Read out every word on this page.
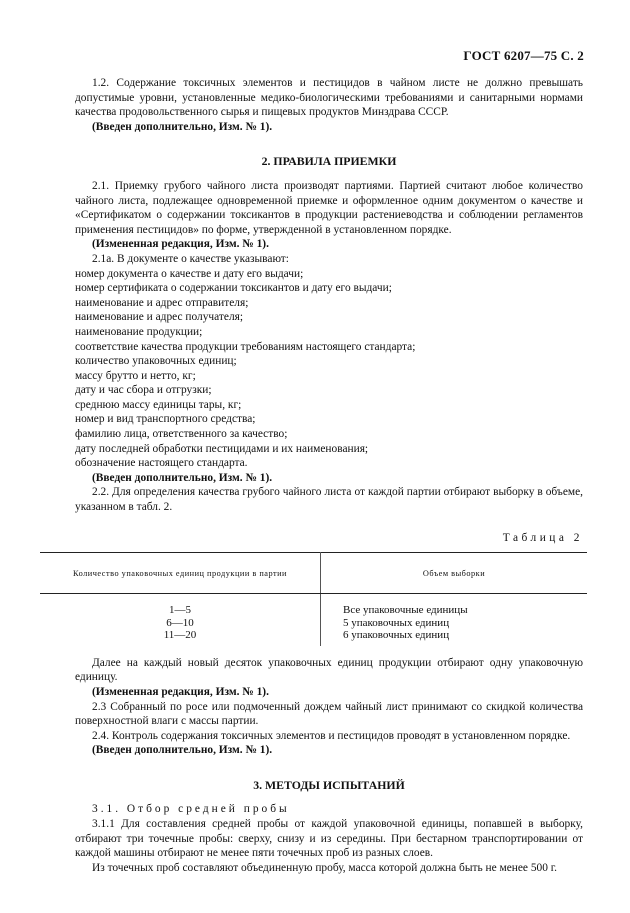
ГОСТ 6207—75 С. 2

1.2. Содержание токсичных элементов и пестицидов в чайном листе не должно превышать допустимые уровни, установленные медико-биологическими требованиями и санитарными нормами качества продовольственного сырья и пищевых продуктов Минздрава СССР.

(Введен дополнительно, Изм. № 1).

2. ПРАВИЛА ПРИЕМКИ

2.1. Приемку грубого чайного листа производят партиями. Партией считают любое количество чайного листа, подлежащее одновременной приемке и оформленное одним документом о качестве и «Сертификатом о содержании токсикантов в продукции растениеводства и соблюдении регламентов применения пестицидов» по форме, утвержденной в установленном порядке.

(Измененная редакция, Изм. № 1).

2.1а. В документе о качестве указывают:

номер документа о качестве и дату его выдачи;

номер сертификата о содержании токсикантов и дату его выдачи;

наименование и адрес отправителя;

наименование и адрес получателя;

наименование продукции;

соответствие качества продукции требованиям настоящего стандарта;

количество упаковочных единиц;

массу брутто и нетто, кг;

дату и час сбора и отгрузки;

среднюю массу единицы тары, кг;

номер и вид транспортного средства;

фамилию лица, ответственного за качество;

дату последней обработки пестицидами и их наименования;

обозначение настоящего стандарта.

(Введен дополнительно, Изм. № 1).

2.2. Для определения качества грубого чайного листа от каждой партии отбирают выборку в объеме, указанном в табл. 2.

Таблица 2
Количество упаковочных единиц продукции в партии	Объем выборки
1—5	Все упаковочные единицы
6—10	5 упаковочных единиц
11—20	6 упаковочных единиц

Далее на каждый новый десяток упаковочных единиц продукции отбирают одну упаковочную единицу.

(Измененная редакция, Изм. № 1).

2.3 Собранный по росе или подмоченный дождем чайный лист принимают со скидкой количества поверхностной влаги с массы партии.

2.4. Контроль содержания токсичных элементов и пестицидов проводят в установленном порядке.

(Введен дополнительно, Изм. № 1).

3. МЕТОДЫ ИСПЫТАНИЙ

3.1. Отбор средней пробы

3.1.1 Для составления средней пробы от каждой упаковочной единицы, попавшей в выборку, отбирают три точечные пробы: сверху, снизу и из середины. При бестарном транспортировании от каждой машины отбирают не менее пяти точечных проб из разных слоев.

Из точечных проб составляют объединенную пробу, масса которой должна быть не менее 500 г.
